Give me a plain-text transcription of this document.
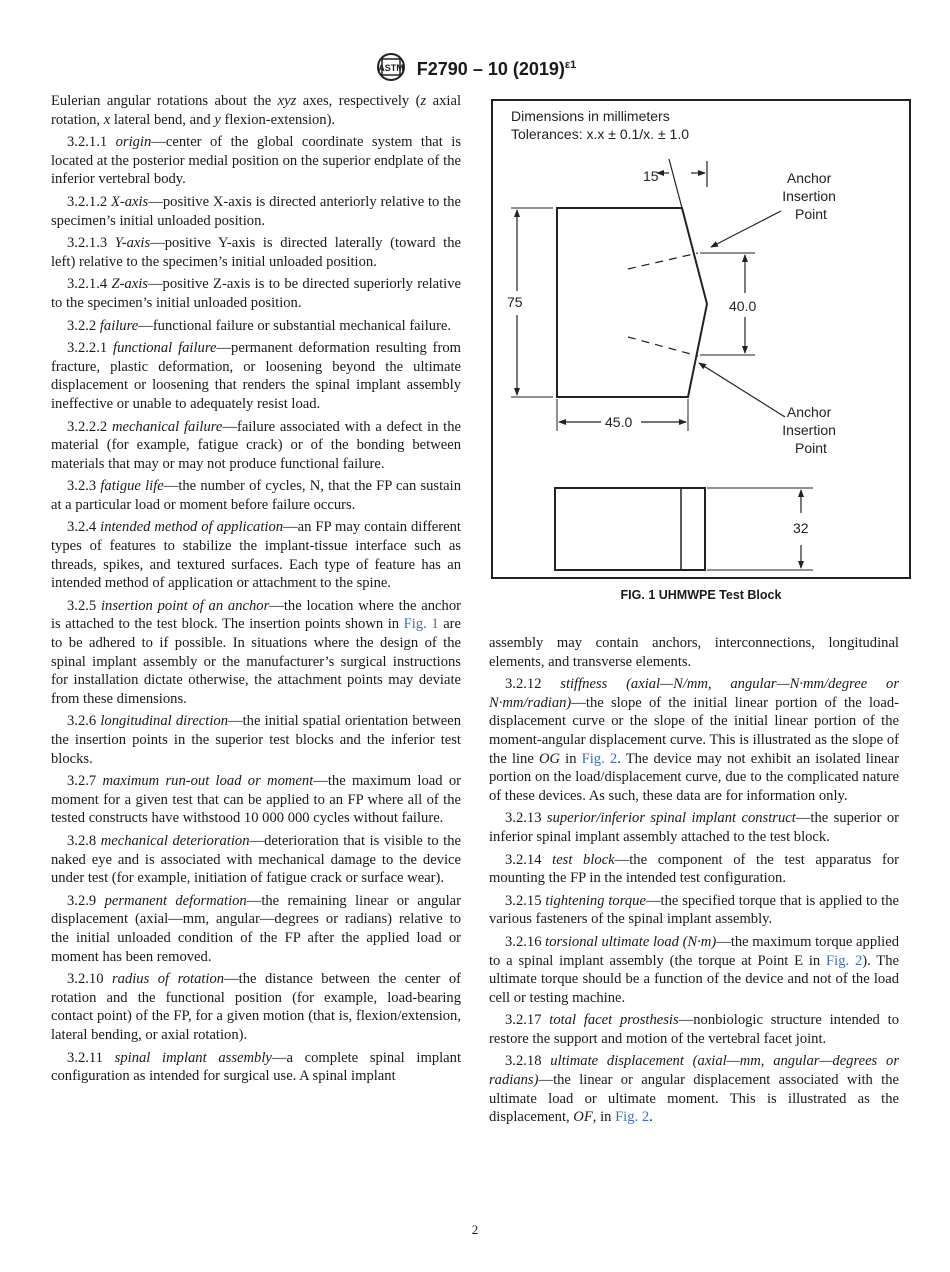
ASTM F2790 – 10 $(2019)^{\varepsilon 1}$

Eulerian angular rotations about the xyz axes, respectively (z axial rotation, x lateral bend, and y flexion-extension).

3.2.1.1 origin—center of the global coordinate system that is located at the posterior medial position on the superior endplate of the inferior vertebral body.

3.2.1.2 X-axis—positive X-axis is directed anteriorly relative to the specimen’s initial unloaded position.

3.2.1.3 Y-axis—positive Y-axis is directed laterally (toward the left) relative to the specimen’s initial unloaded position.

3.2.1.4 Z-axis—positive Z-axis is to be directed superiorly relative to the specimen’s initial unloaded position.

3.2.2 failure—functional failure or substantial mechanical failure.

3.2.2.1 functional failure—permanent deformation resulting from fracture, plastic deformation, or loosening beyond the ultimate displacement or loosening that renders the spinal implant assembly ineffective or unable to adequately resist load.

3.2.2.2 mechanical failure—failure associated with a defect in the material (for example, fatigue crack) or of the bonding between materials that may or may not produce functional failure.

3.2.3 fatigue life—the number of cycles, N, that the FP can sustain at a particular load or moment before failure occurs.

3.2.4 intended method of application—an FP may contain different types of features to stabilize the implant-tissue interface such as threads, spikes, and textured surfaces. Each type of feature has an intended method of application or attachment to the spine.

3.2.5 insertion point of an anchor—the location where the anchor is attached to the test block. The insertion points shown in Fig. 1 are to be adhered to if possible. In situations where the design of the spinal implant assembly or the manufacturer’s surgical instructions for installation dictate otherwise, the attachment points may deviate from these dimensions.

3.2.6 longitudinal direction—the initial spatial orientation between the insertion points in the superior test blocks and the inferior test blocks.

3.2.7 maximum run-out load or moment—the maximum load or moment for a given test that can be applied to an FP where all of the tested constructs have withstood 10 000 000 cycles without failure.

3.2.8 mechanical deterioration—deterioration that is visible to the naked eye and is associated with mechanical damage to the device under test (for example, initiation of fatigue crack or surface wear).

3.2.9 permanent deformation—the remaining linear or angular displacement (axial—mm, angular—degrees or radians) relative to the initial unloaded condition of the FP after the applied load or moment has been removed.

3.2.10 radius of rotation—the distance between the center of rotation and the functional position (for example, load-bearing contact point) of the FP, for a given motion (that is, flexion/extension, lateral bending, or axial rotation).

3.2.11 spinal implant assembly—a complete spinal implant configuration as intended for surgical use. A spinal implant

Dimensions in millimeters
Tolerances: x.x ± 0.1/x. ± 1.0
15
75	40.0
45.0
Anchor Insertion Point
Anchor Insertion Point
32
FIG. 1 UHMWPE Test Block

assembly may contain anchors, interconnections, longitudinal elements, and transverse elements.

3.2.12 stiffness (axial—N/mm, angular—N·mm/degree or N·mm/radian)—the slope of the initial linear portion of the load-displacement curve or the slope of the initial linear portion of the moment-angular displacement curve. This is illustrated as the slope of the line OG in Fig. 2. The device may not exhibit an isolated linear portion on the load/displacement curve, due to the complicated nature of these devices. As such, these data are for information only.

3.2.13 superior/inferior spinal implant construct—the superior or inferior spinal implant assembly attached to the test block.

3.2.14 test block—the component of the test apparatus for mounting the FP in the intended test configuration.

3.2.15 tightening torque—the specified torque that is applied to the various fasteners of the spinal implant assembly.

3.2.16 torsional ultimate load (N·m)—the maximum torque applied to a spinal implant assembly (the torque at Point E in Fig. 2). The ultimate torque should be a function of the device and not of the load cell or testing machine.

3.2.17 total facet prosthesis—nonbiologic structure intended to restore the support and motion of the vertebral facet joint.

3.2.18 ultimate displacement (axial—mm, angular—degrees or radians)—the linear or angular displacement associated with the ultimate load or ultimate moment. This is illustrated as the displacement, OF, in Fig. 2.

2
